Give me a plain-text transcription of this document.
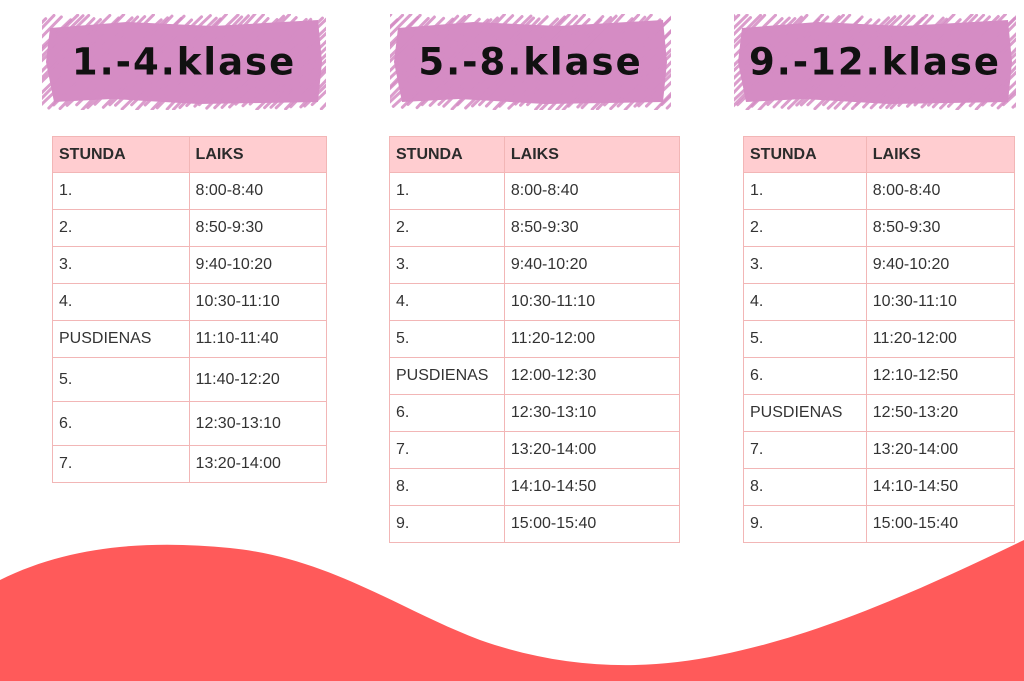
1.-4.klase
STUNDA	LAIKS
1.	8:00-8:40
2.	8:50-9:30
3.	9:40-10:20
4.	10:30-11:10
PUSDIENAS	11:10-11:40
5.	11:40-12:20
6.	12:30-13:10
7.	13:20-14:00
5.-8.klase
STUNDA	LAIKS
1.	8:00-8:40
2.	8:50-9:30
3.	9:40-10:20
4.	10:30-11:10
5.	11:20-12:00
PUSDIENAS	12:00-12:30
6.	12:30-13:10
7.	13:20-14:00
8.	14:10-14:50
9.	15:00-15:40
9.-12.klase
STUNDA	LAIKS
1.	8:00-8:40
2.	8:50-9:30
3.	9:40-10:20
4.	10:30-11:10
5.	11:20-12:00
6.	12:10-12:50
PUSDIENAS	12:50-13:20
7.	13:20-14:00
8.	14:10-14:50
9.	15:00-15:40
